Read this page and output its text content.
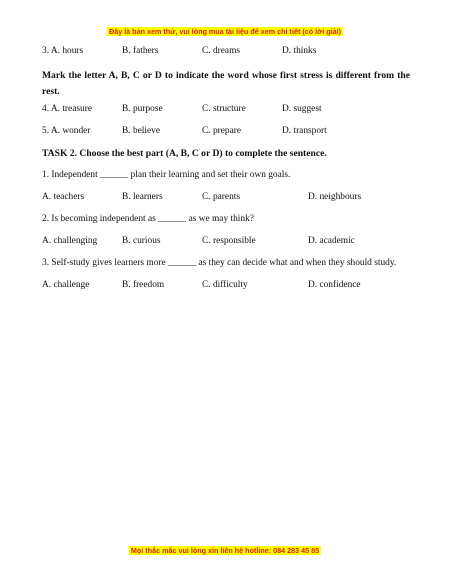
Đây là bản xem thử, vui lòng mua tài liệu để xem chi tiết (có lời giải)
3. A. hours	B. fathers	C. dreams	D. thinks
Mark the letter A, B, C or D to indicate the word whose first stress is different from the rest.
4. A. treasure	B. purpose	C. structure	D. suggest
5. A. wonder	B. believe	C. prepare	D. transport
TASK 2. Choose the best part (A, B, C or D) to complete the sentence.
1. Independent ______ plan their learning and set their own goals.
A. teachers	B. learners	C. parents	D. neighbours
2. Is becoming independent as ______ as we may think?
A. challenging	B. curious	C. responsible	D. academic
3. Self-study gives learners more ______ as they can decide what and when they should study.
A. challenge	B. freedom	C. difficulty	D. confidence
Mọi thắc mắc vui lòng xin liên hệ hotline: 084 283 45 85
